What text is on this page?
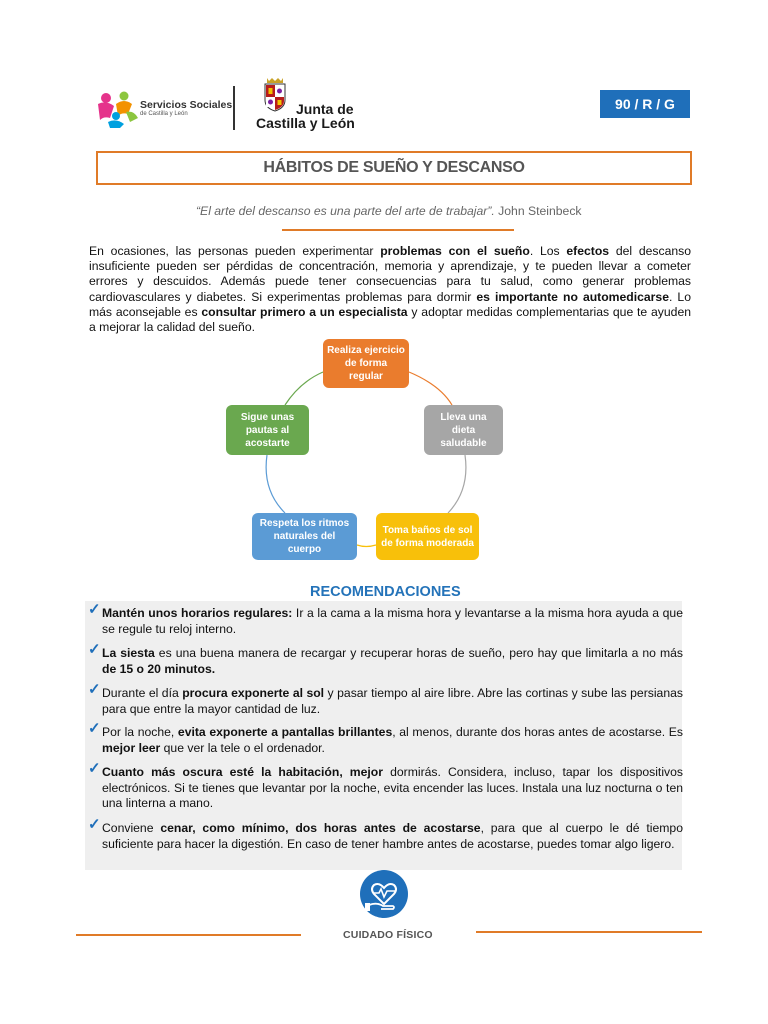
Servicios Sociales
de Castilla y León	Junta de
Castilla y León
90 / R / G
HÁBITOS DE SUEÑO Y DESCANSO
“El arte del descanso es una parte del arte de trabajar”. John Steinbeck
En ocasiones, las personas pueden experimentar problemas con el sueño. Los efectos del descanso insuficiente pueden ser pérdidas de concentración, memoria y aprendizaje, y te pueden llevar a cometer errores y descuidos. Además puede tener consecuencias para tu salud, como generar problemas cardiovasculares y diabetes. Si experimentas problemas para dormir es importante no automedicarse. Lo más aconsejable es consultar primero a un especialista y adoptar medidas complementarias que te ayuden a mejorar la calidad del sueño.
Realiza ejercicio de forma regular
Lleva una dieta saludable
Toma baños de sol de forma moderada
Respeta los ritmos naturales del cuerpo
Sigue unas pautas al acostarte
RECOMENDACIONES
✓ Mantén unos horarios regulares: Ir a la cama a la misma hora y levantarse a la misma hora ayuda a que se regule tu reloj interno.
✓ La siesta es una buena manera de recargar y recuperar horas de sueño, pero hay que limitarla a no más de 15 o 20 minutos.
✓ Durante el día procura exponerte al sol y pasar tiempo al aire libre. Abre las cortinas y sube las persianas para que entre la mayor cantidad de luz.
✓ Por la noche, evita exponerte a pantallas brillantes, al menos, durante dos horas antes de acostarse. Es mejor leer que ver la tele o el ordenador.
✓ Cuanto más oscura esté la habitación, mejor dormirás. Considera, incluso, tapar los dispositivos electrónicos. Si te tienes que levantar por la noche, evita encender las luces. Instala una luz nocturna o ten una linterna a mano.
✓ Conviene cenar, como mínimo, dos horas antes de acostarse, para que al cuerpo le dé tiempo suficiente para hacer la digestión. En caso de tener hambre antes de acostarse, puedes tomar algo ligero.
CUIDADO FÍSICO
